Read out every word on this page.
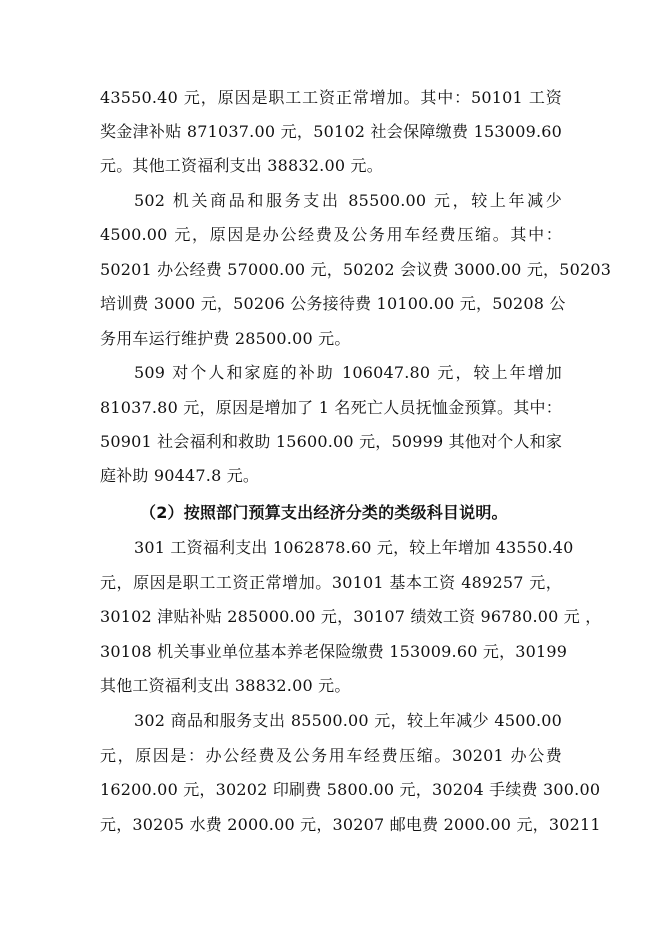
43550.40 元，原因是职工工资正常增加。其中：50101 工资
奖金津补贴 871037.00 元，50102 社会保障缴费 153009.60
元。其他工资福利支出 38832.00 元。
502 机关商品和服务支出 85500.00 元，较上年减少
4500.00 元，原因是办公经费及公务用车经费压缩。其中：
50201 办公经费 57000.00 元，50202 会议费 3000.00 元，50203
培训费 3000 元，50206 公务接待费 10100.00 元，50208 公
务用车运行维护费 28500.00 元。
509 对个人和家庭的补助 106047.80 元，较上年增加
81037.80 元，原因是增加了 1 名死亡人员抚恤金预算。其中：
50901 社会福利和救助 15600.00 元，50999 其他对个人和家
庭补助 90447.8 元。
（2）按照部门预算支出经济分类的类级科目说明。
301 工资福利支出 1062878.60 元，较上年增加 43550.40
元，原因是职工工资正常增加。30101 基本工资 489257 元，
30102 津贴补贴 285000.00 元，30107 绩效工资 96780.00 元 ，
30108 机关事业单位基本养老保险缴费 153009.60 元，30199
其他工资福利支出 38832.00 元。
302 商品和服务支出 85500.00 元，较上年减少 4500.00
元，原因是：办公经费及公务用车经费压缩。30201 办公费
16200.00 元，30202 印刷费 5800.00 元，30204 手续费 300.00
元，30205 水费 2000.00 元，30207 邮电费 2000.00 元，30211
